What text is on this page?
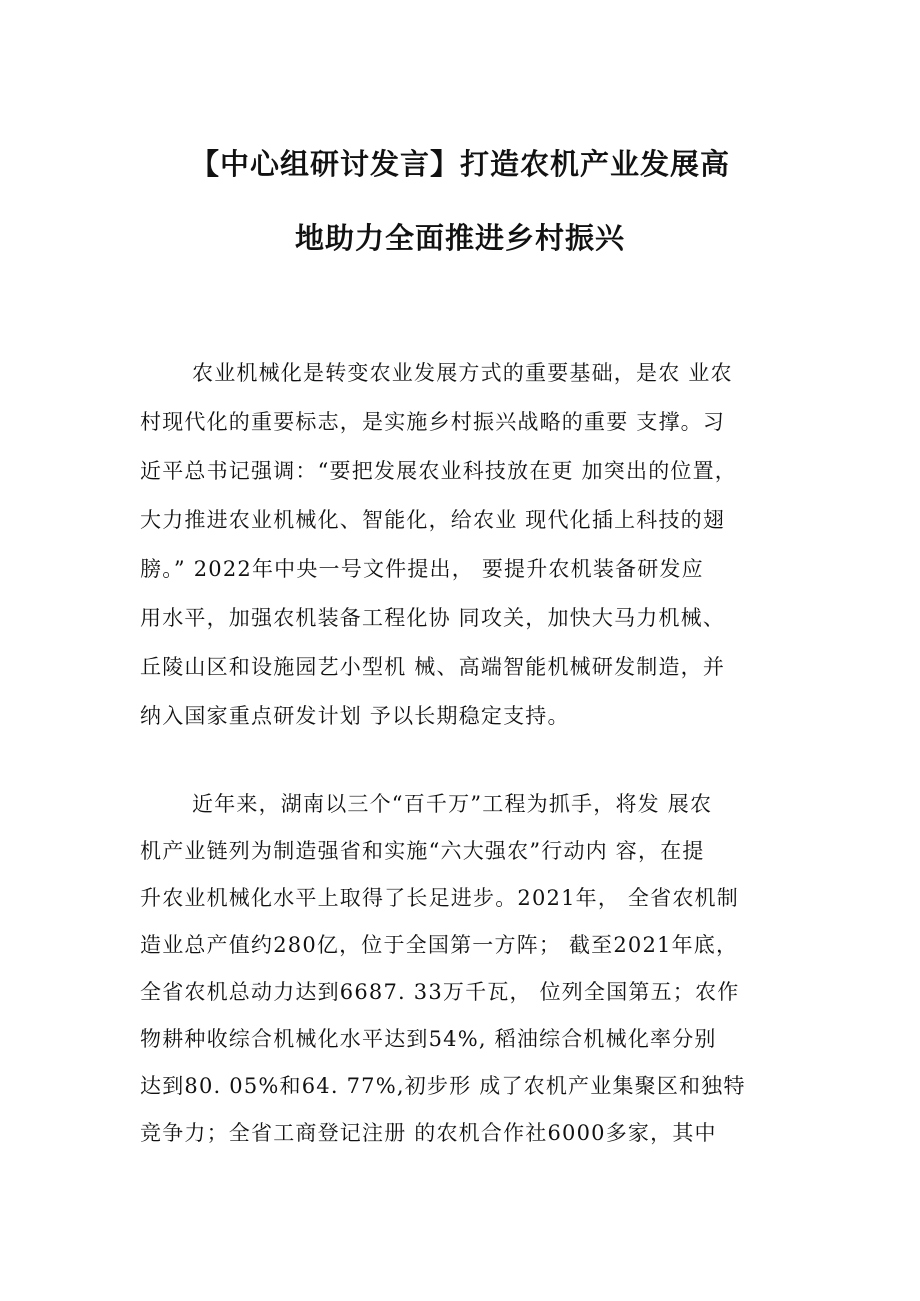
【中心组研讨发言】打造农机产业发展高
地助力全面推进乡村振兴
农业机械化是转变农业发展方式的重要基础，是农 业农
村现代化的重要标志，是实施乡村振兴战略的重要 支撑。习
近平总书记强调：“要把发展农业科技放在更 加突出的位置，
大力推进农业机械化、智能化，给农业 现代化插上科技的翅
膀。” 2022年中央一号文件提出， 要提升农机装备研发应
用水平，加强农机装备工程化协 同攻关，加快大马力机械、
丘陵山区和设施园艺小型机 械、高端智能机械研发制造，并
纳入国家重点研发计划 予以长期稳定支持。
近年来，湖南以三个“百千万”工程为抓手，将发 展农
机产业链列为制造强省和实施“六大强农”行动内 容，在提
升农业机械化水平上取得了长足进步。2021年， 全省农机制
造业总产值约280亿，位于全国第一方阵； 截至2021年底，
全省农机总动力达到6687. 33万千瓦， 位列全国第五；农作
物耕种收综合机械化水平达到54%, 稻油综合机械化率分别
达到80. 05%和64. 77%,初步形 成了农机产业集聚区和独特
竞争力；全省工商登记注册 的农机合作社6000多家，其中
